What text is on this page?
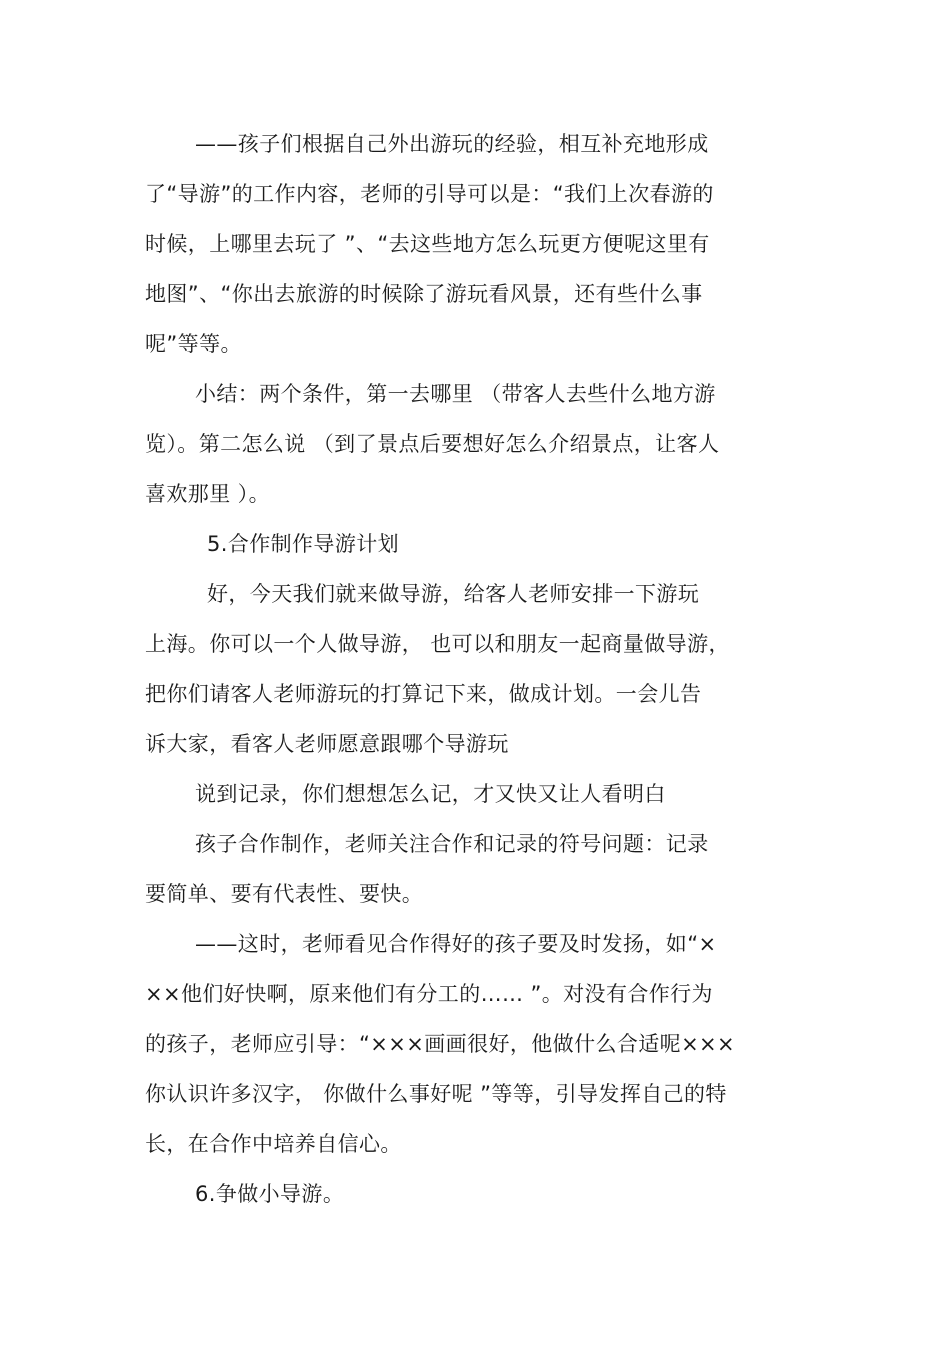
——孩子们根据自己外出游玩的经验，相互补充地形成
了“导游”的工作内容，老师的引导可以是：“我们上次春游的
时候，上哪里去玩了 ”、“去这些地方怎么玩更方便呢这里有
地图”、“你出去旅游的时候除了游玩看风景，还有些什么事
呢”等等。
小结：两个条件，第一去哪里 （带客人去些什么地方游
览）。第二怎么说 （到了景点后要想好怎么介绍景点，让客人
喜欢那里 ）。
5.合作制作导游计划
好，今天我们就来做导游，给客人老师安排一下游玩
上海。你可以一个人做导游， 也可以和朋友一起商量做导游，
把你们请客人老师游玩的打算记下来，做成计划。一会儿告
诉大家，看客人老师愿意跟哪个导游玩
说到记录，你们想想怎么记，才又快又让人看明白
孩子合作制作，老师关注合作和记录的符号问题：记录
要简单、要有代表性、要快。
——这时，老师看见合作得好的孩子要及时发扬，如“×
××他们好快啊，原来他们有分工的…… ”。对没有合作行为
的孩子，老师应引导：“×××画画很好，他做什么合适呢×××
你认识许多汉字， 你做什么事好呢 ”等等，引导发挥自己的特
长，在合作中培养自信心。
6.争做小导游。
